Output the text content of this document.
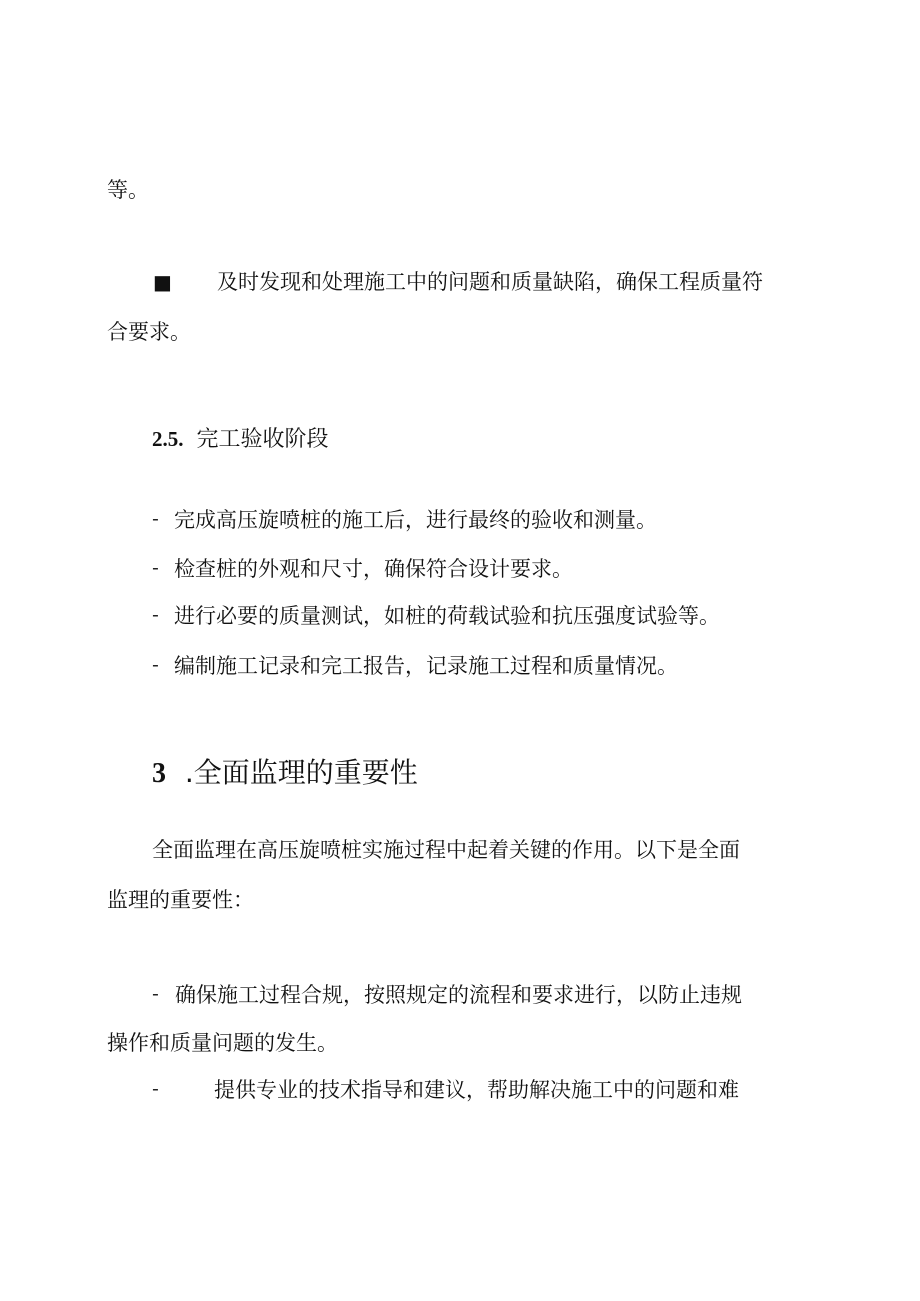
等。
■ 及时发现和处理施工中的问题和质量缺陷，确保工程质量符
合要求。
2.5. 完工验收阶段
- 完成高压旋喷桩的施工后，进行最终的验收和测量。
- 检查桩的外观和尺寸，确保符合设计要求。
- 进行必要的质量测试，如桩的荷载试验和抗压强度试验等。
- 编制施工记录和完工报告，记录施工过程和质量情况。
3 .全面监理的重要性
全面监理在高压旋喷桩实施过程中起着关键的作用。以下是全面
监理的重要性：
- 确保施工过程合规，按照规定的流程和要求进行，以防止违规
操作和质量问题的发生。
-	提供专业的技术指导和建议，帮助解决施工中的问题和难
